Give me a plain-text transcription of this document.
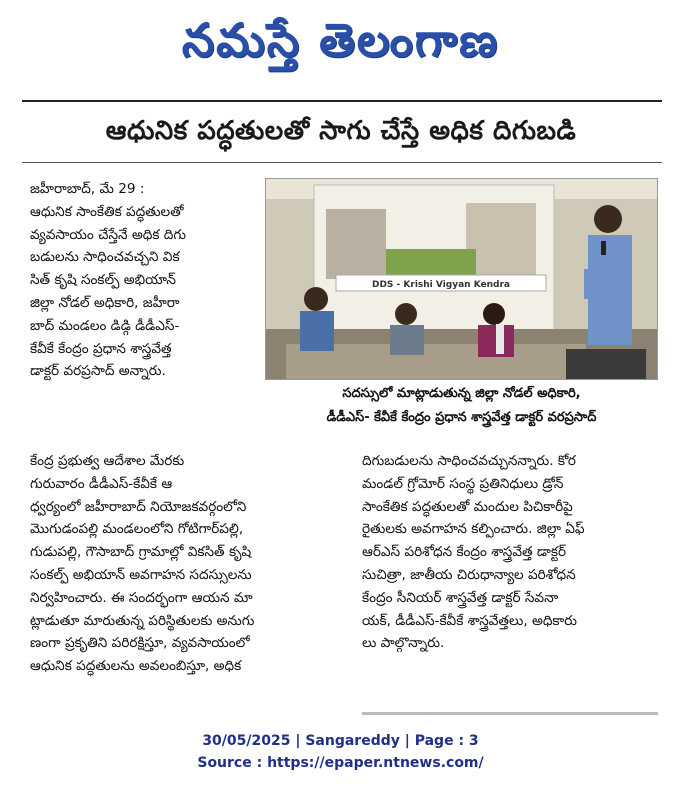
నమస్తే తెలంగాణ
ఆధునిక పద్ధతులతో సాగు చేస్తే అధిక దిగుబడి

జహీరాబాద్, మే 29 :
ఆధునిక సాంకేతిక పద్ధతులతో
వ్యవసాయం చేస్తేనే అధిక దిగు
బడులను సాధించవచ్చని విక
సిత్ కృషి సంకల్ప్ అభియాన్
జిల్లా నోడల్ అధికారి, జహీరా
బాద్ మండలం డిడ్గి డీడీఎస్-
కేవీకే కేంద్రం ప్రధాన శాస్త్రవేత్త
డాక్టర్ వరప్రసాద్ అన్నారు.

DDS - Krishi Vigyan Kendra
సదస్సులో మాట్లాడుతున్న జిల్లా నోడల్ అధికారి,
డీడీఎస్- కేవీకే కేంద్రం ప్రధాన శాస్త్రవేత్త డాక్టర్ వరప్రసాద్

కేంద్ర ప్రభుత్వ ఆదేశాల మేరకు
గురువారం డీడీఎస్-కేవీకే ఆ
ధ్వర్యంలో జహీరాబాద్ నియోజకవర్గంలోని
మొగుడంపల్లి మండలంలోని గోటిగార్‌పల్లి,
గుడుపల్లి, గౌసాబాద్ గ్రామాల్లో వికసిత్ కృషి
సంకల్ప్ అభియాన్ అవగాహన సదస్సులను
నిర్వహించారు. ఈ సందర్భంగా ఆయన మా
ట్లాడుతూ మారుతున్న పరిస్థితులకు అనుగు
ణంగా ప్రకృతిని పరిరక్షిస్తూ, వ్యవసాయంలో
ఆధునిక పద్ధతులను అవలంబిస్తూ, అధిక

దిగుబడులను సాధించవచ్చునన్నారు. కోర
మండల్ గ్రోమోర్ సంస్థ ప్రతినిధులు డ్రోన్
సాంకేతిక పద్ధతులతో మందుల పిచికారీపై
రైతులకు అవగాహన కల్పించారు. జిల్లా ఏఫ్
ఆర్ఎస్ పరిశోధన కేంద్రం శాస్త్రవేత్త డాక్టర్
సుచిత్రా, జాతీయ చిరుధాన్యాల పరిశోధన
కేంద్రం సీనియర్ శాస్త్రవేత్త డాక్టర్ సేవనా
యక్, డీడీఎస్-కేవీకే శాస్త్రవేత్తలు, అధికారు
లు పాల్గొన్నారు.

30/05/2025 | Sangareddy | Page : 3
Source : https://epaper.ntnews.com/
